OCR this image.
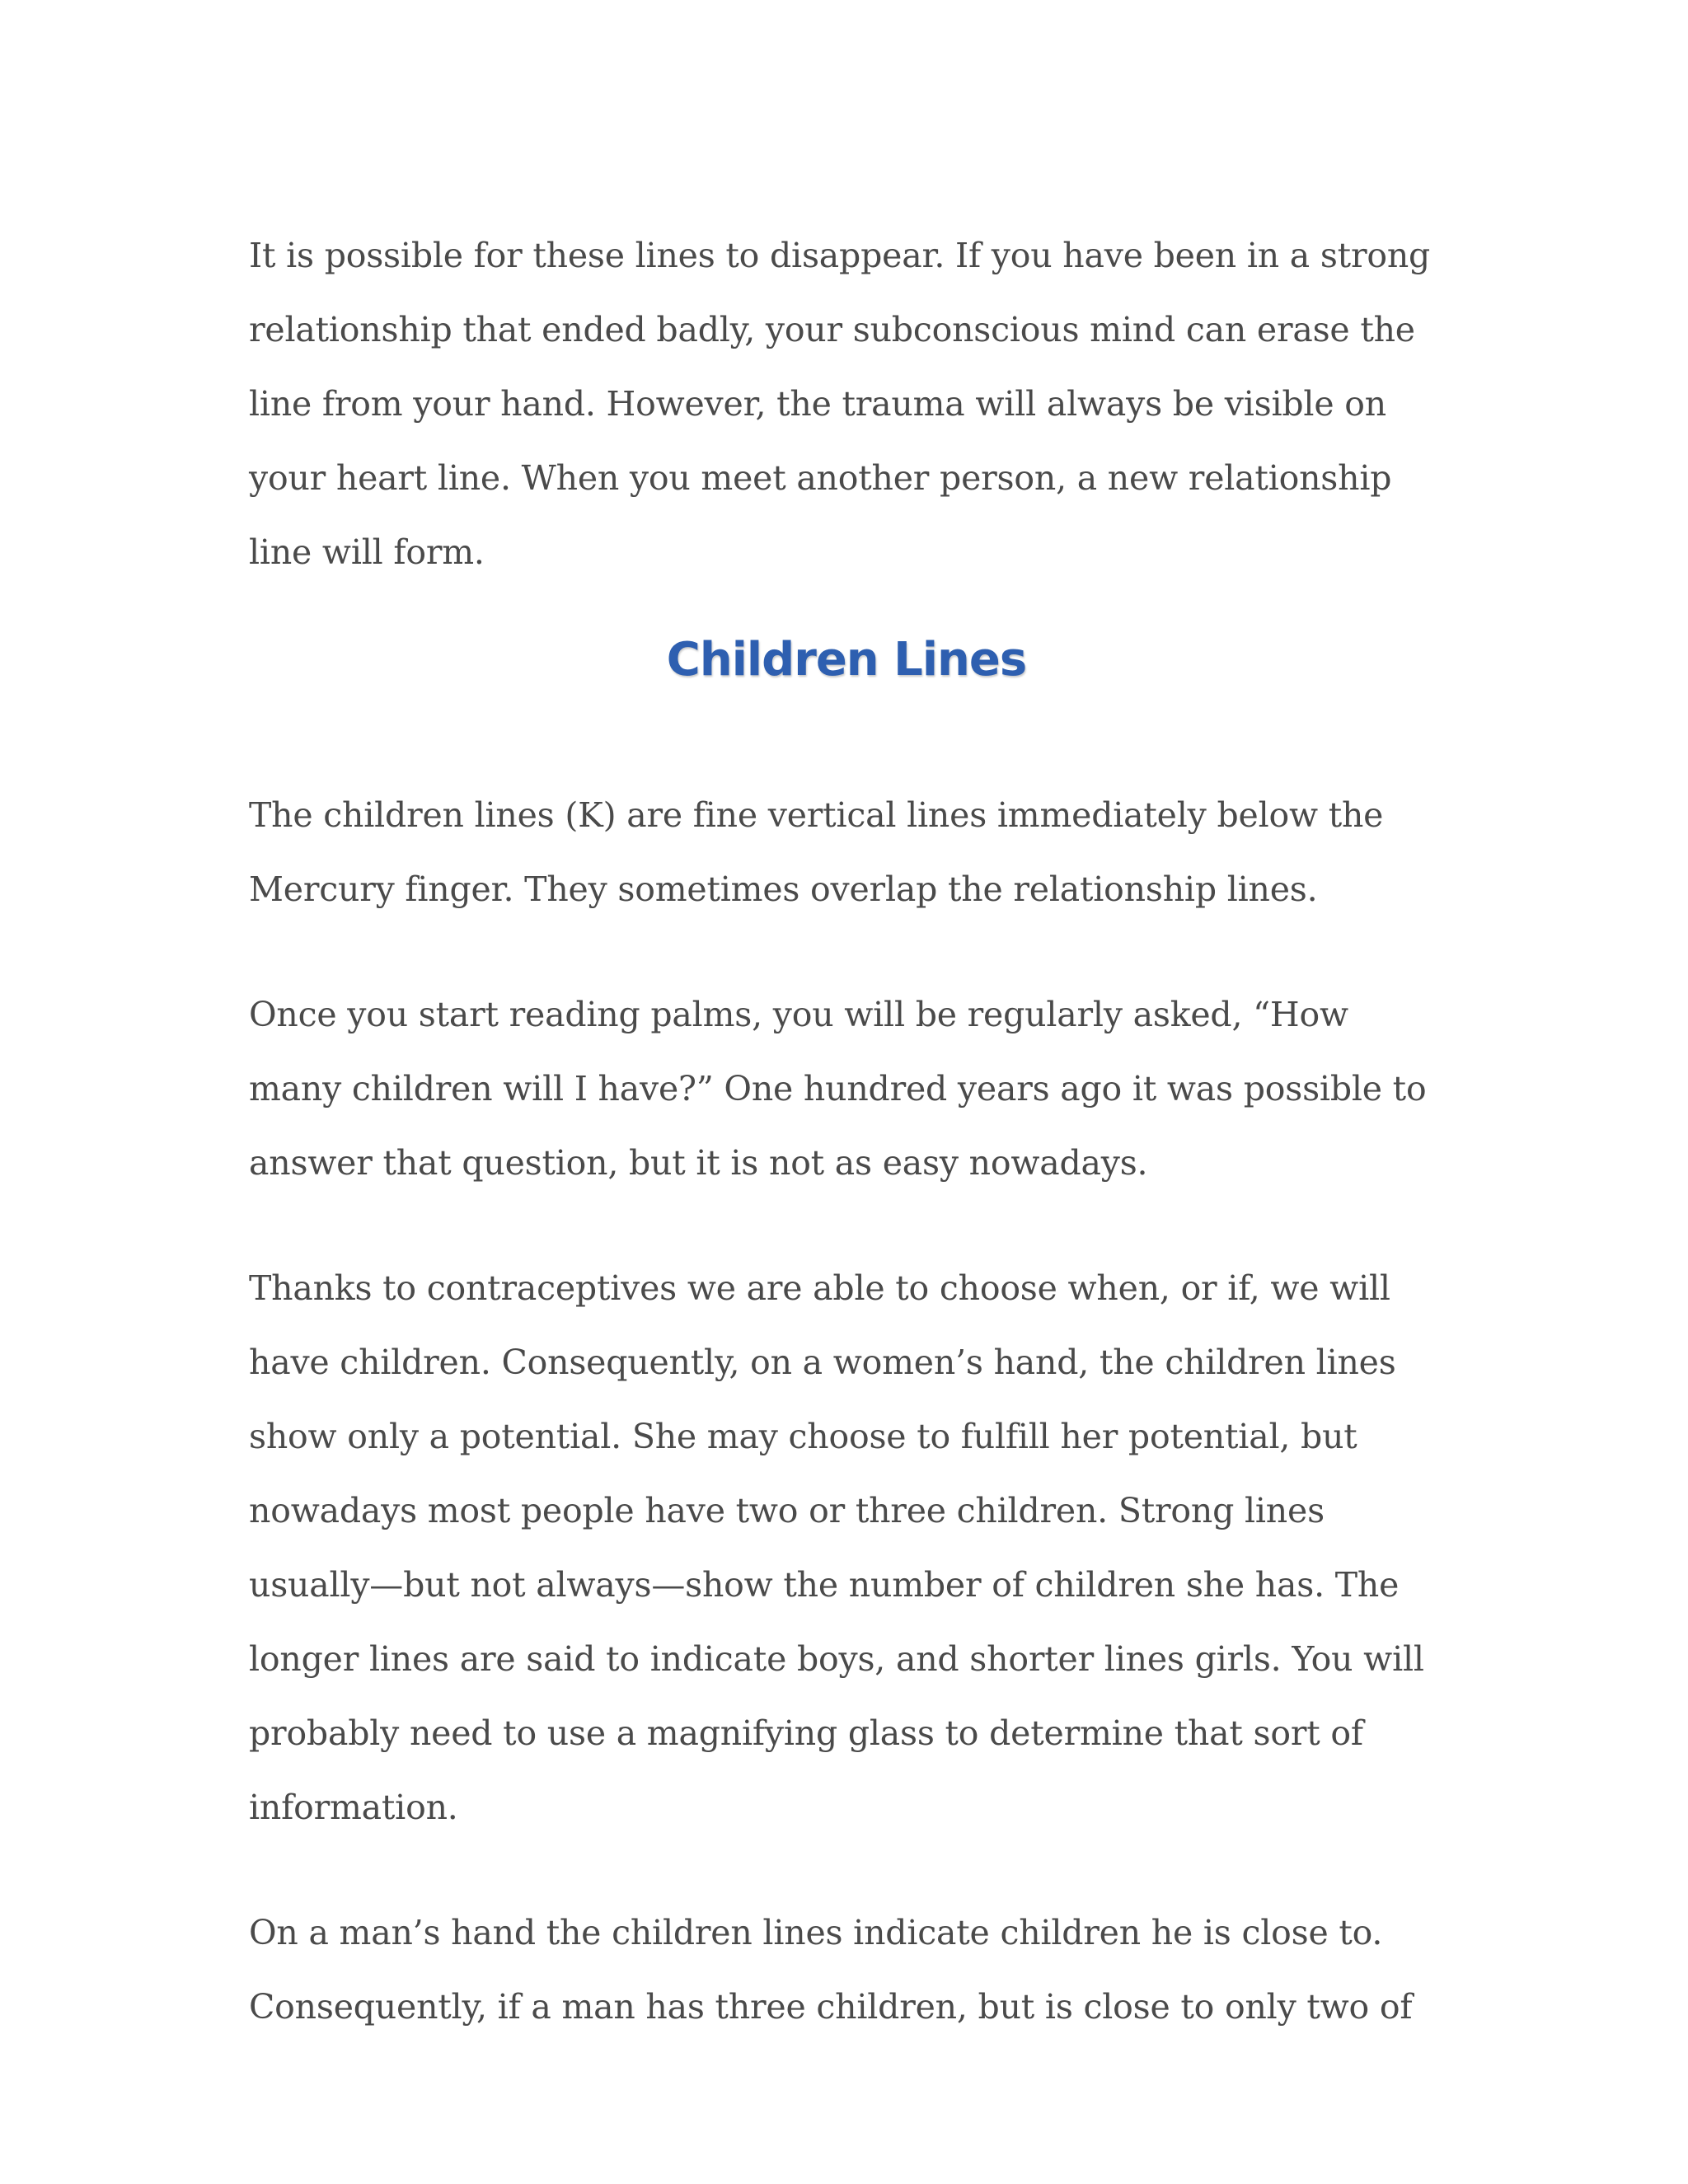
It is possible for these lines to disappear. If you have been in a strong relationship that ended badly, your subconscious mind can erase the line from your hand. However, the trauma will always be visible on your heart line. When you meet another person, a new relationship line will form.

Children Lines

The children lines (K) are fine vertical lines immediately below the Mercury finger. They sometimes overlap the relationship lines.

Once you start reading palms, you will be regularly asked, “How many children will I have?” One hundred years ago it was possible to answer that question, but it is not as easy nowadays.

Thanks to contraceptives we are able to choose when, or if, we will have children. Consequently, on a women’s hand, the children lines show only a potential. She may choose to fulfill her potential, but nowadays most people have two or three children. Strong lines usually—but not always—show the number of children she has. The longer lines are said to indicate boys, and shorter lines girls. You will probably need to use a magnifying glass to determine that sort of information.

On a man’s hand the children lines indicate children he is close to. Consequently, if a man has three children, but is close to only two of
